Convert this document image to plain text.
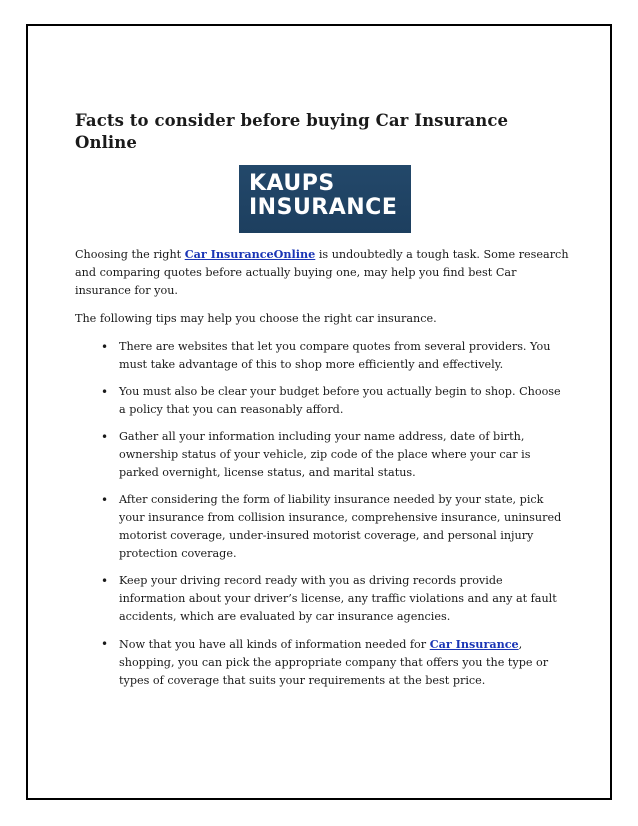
Facts to consider before buying Car Insurance Online
KAUPS
INSURANCE

Choosing the right Car InsuranceOnline is undoubtedly a tough task. Some research and comparing quotes before actually buying one, may help you find best Car insurance for you.

The following tips may help you choose the right car insurance.

• There are websites that let you compare quotes from several providers. You must take advantage of this to shop more efficiently and effectively.
• You must also be clear your budget before you actually begin to shop. Choose a policy that you can reasonably afford.
• Gather all your information including your name address, date of birth, ownership status of your vehicle, zip code of the place where your car is parked overnight, license status, and marital status.
• After considering the form of liability insurance needed by your state, pick your insurance from collision insurance, comprehensive insurance, uninsured motorist coverage, under-insured motorist coverage, and personal injury protection coverage.
• Keep your driving record ready with you as driving records provide information about your driver’s license, any traffic violations and any at fault accidents, which are evaluated by car insurance agencies.
• Now that you have all kinds of information needed for Car Insurance, shopping, you can pick the appropriate company that offers you the type or types of coverage that suits your requirements at the best price.
